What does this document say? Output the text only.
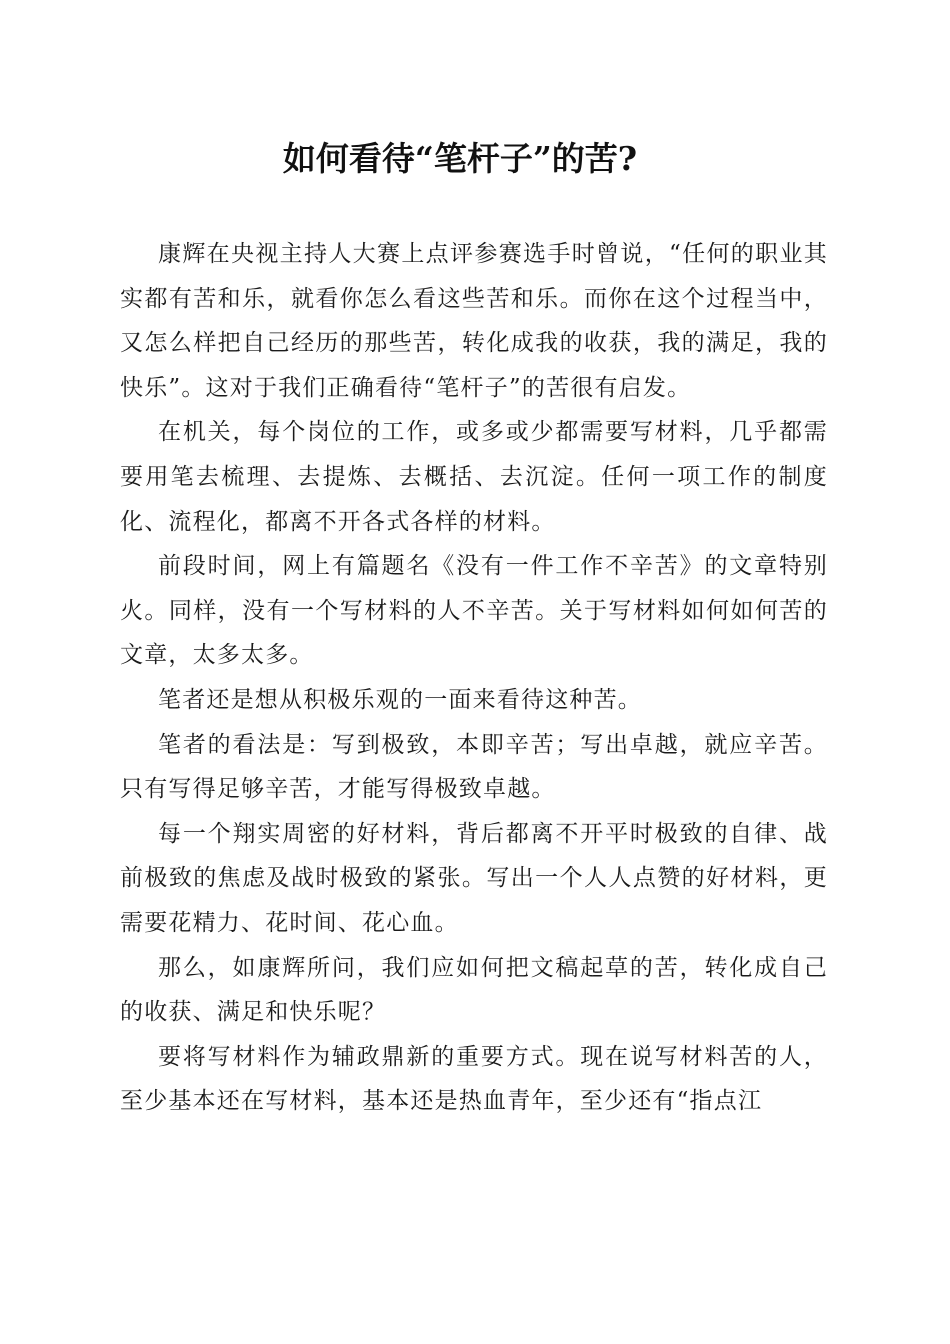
如何看待“笔杆子”的苦?

康辉在央视主持人大赛上点评参赛选手时曾说，“任何的职业其实都有苦和乐，就看你怎么看这些苦和乐。而你在这个过程当中，又怎么样把自己经历的那些苦，转化成我的收获，我的满足，我的快乐”。这对于我们正确看待“笔杆子”的苦很有启发。

在机关，每个岗位的工作，或多或少都需要写材料，几乎都需要用笔去梳理、去提炼、去概括、去沉淀。任何一项工作的制度化、流程化，都离不开各式各样的材料。

前段时间，网上有篇题名《没有一件工作不辛苦》的文章特别火。同样，没有一个写材料的人不辛苦。关于写材料如何如何苦的文章，太多太多。

笔者还是想从积极乐观的一面来看待这种苦。

笔者的看法是：写到极致，本即辛苦；写出卓越，就应辛苦。只有写得足够辛苦，才能写得极致卓越。

每一个翔实周密的好材料，背后都离不开平时极致的自律、战前极致的焦虑及战时极致的紧张。写出一个人人点赞的好材料，更需要花精力、花时间、花心血。

那么，如康辉所问，我们应如何把文稿起草的苦，转化成自己的收获、满足和快乐呢？

要将写材料作为辅政鼎新的重要方式。现在说写材料苦的人，至少基本还在写材料，基本还是热血青年，至少还有“指点江
